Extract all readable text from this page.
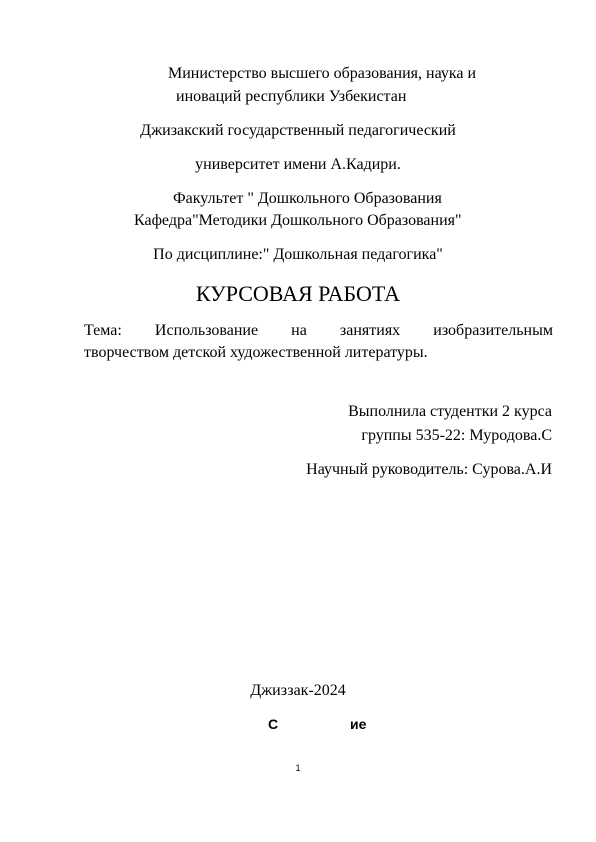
Министерство высшего образования, наука и
иноваций республики Узбекистан
Джизакский государственный педагогический
университет имени А.Кадири.
Факультет " Дошкольного Образования
Кафедра"Методики Дошкольного Образования"
По дисциплине:" Дошкольная педагогика"
КУРСОВАЯ РАБОТА
Тема: Использование на занятиях изобразительным
творчеством детской художественной литературы.
Выполнила студентки 2 курса
группы 535-22: Муродова.С
Научный руководитель: Сурова.А.И
Джиззак-2024
С	ие
1
